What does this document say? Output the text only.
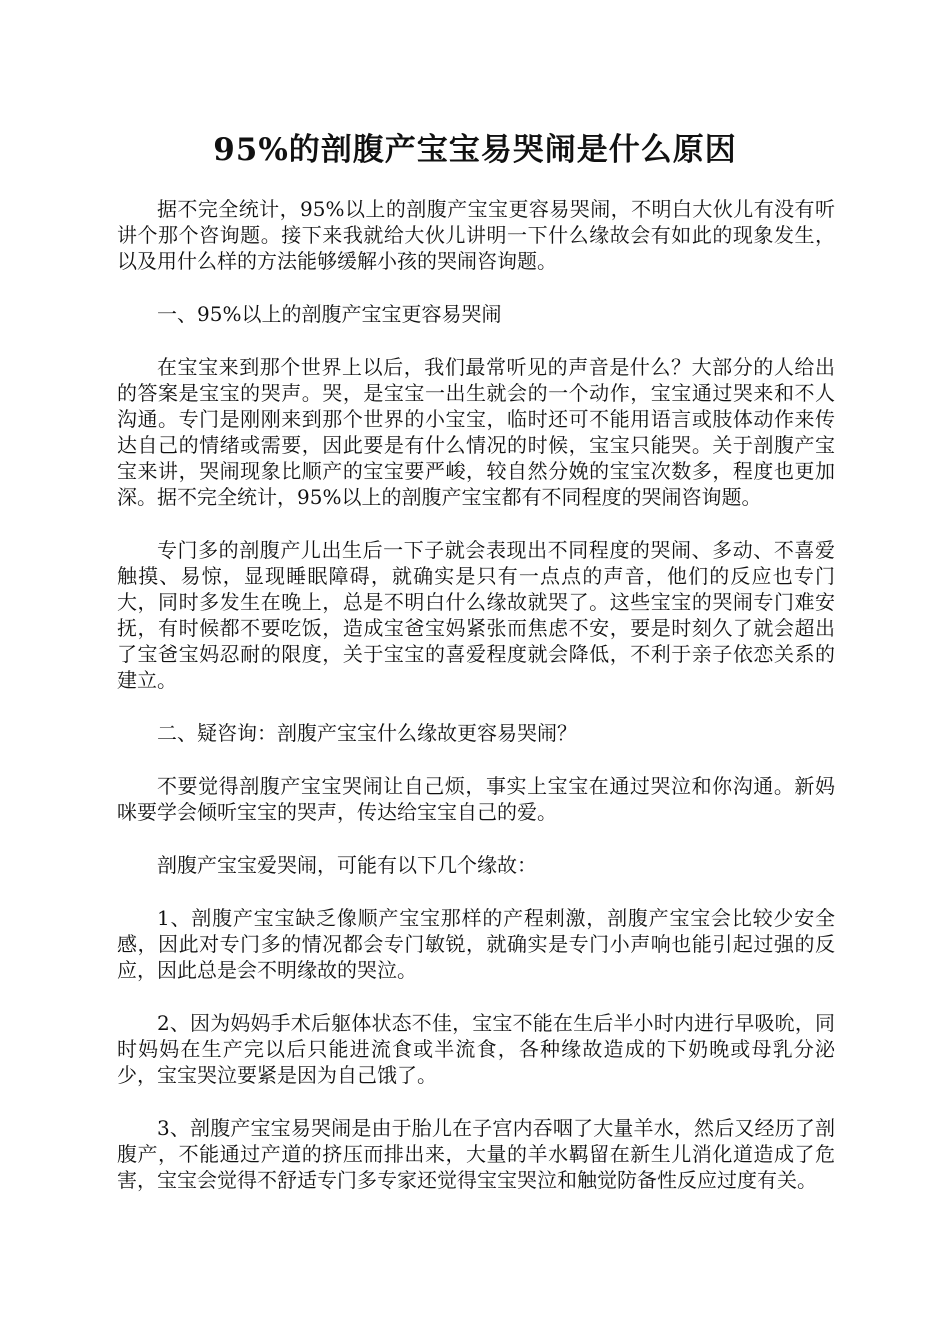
95%的剖腹产宝宝易哭闹是什么原因

据不完全统计，95%以上的剖腹产宝宝更容易哭闹，不明白大伙儿有没有听讲个那个咨询题。接下来我就给大伙儿讲明一下什么缘故会有如此的现象发生，以及用什么样的方法能够缓解小孩的哭闹咨询题。

一、95%以上的剖腹产宝宝更容易哭闹

在宝宝来到那个世界上以后，我们最常听见的声音是什么？大部分的人给出的答案是宝宝的哭声。哭，是宝宝一出生就会的一个动作，宝宝通过哭来和不人沟通。专门是刚刚来到那个世界的小宝宝，临时还可不能用语言或肢体动作来传达自己的情绪或需要，因此要是有什么情况的时候，宝宝只能哭。关于剖腹产宝宝来讲，哭闹现象比顺产的宝宝要严峻，较自然分娩的宝宝次数多，程度也更加深。据不完全统计，95%以上的剖腹产宝宝都有不同程度的哭闹咨询题。

专门多的剖腹产儿出生后一下子就会表现出不同程度的哭闹、多动、不喜爱触摸、易惊，显现睡眠障碍，就确实是只有一点点的声音，他们的反应也专门大，同时多发生在晚上，总是不明白什么缘故就哭了。这些宝宝的哭闹专门难安抚，有时候都不要吃饭，造成宝爸宝妈紧张而焦虑不安，要是时刻久了就会超出了宝爸宝妈忍耐的限度，关于宝宝的喜爱程度就会降低，不利于亲子依恋关系的建立。

二、疑咨询：剖腹产宝宝什么缘故更容易哭闹？

不要觉得剖腹产宝宝哭闹让自己烦，事实上宝宝在通过哭泣和你沟通。新妈咪要学会倾听宝宝的哭声，传达给宝宝自己的爱。

剖腹产宝宝爱哭闹，可能有以下几个缘故：

1、剖腹产宝宝缺乏像顺产宝宝那样的产程刺激，剖腹产宝宝会比较少安全感，因此对专门多的情况都会专门敏锐，就确实是专门小声响也能引起过强的反应，因此总是会不明缘故的哭泣。

2、因为妈妈手术后躯体状态不佳，宝宝不能在生后半小时内进行早吸吮，同时妈妈在生产完以后只能进流食或半流食，各种缘故造成的下奶晚或母乳分泌少，宝宝哭泣要紧是因为自己饿了。

3、剖腹产宝宝易哭闹是由于胎儿在子宫内吞咽了大量羊水，然后又经历了剖腹产，不能通过产道的挤压而排出来，大量的羊水羁留在新生儿消化道造成了危害，宝宝会觉得不舒适专门多专家还觉得宝宝哭泣和触觉防备性反应过度有关。
